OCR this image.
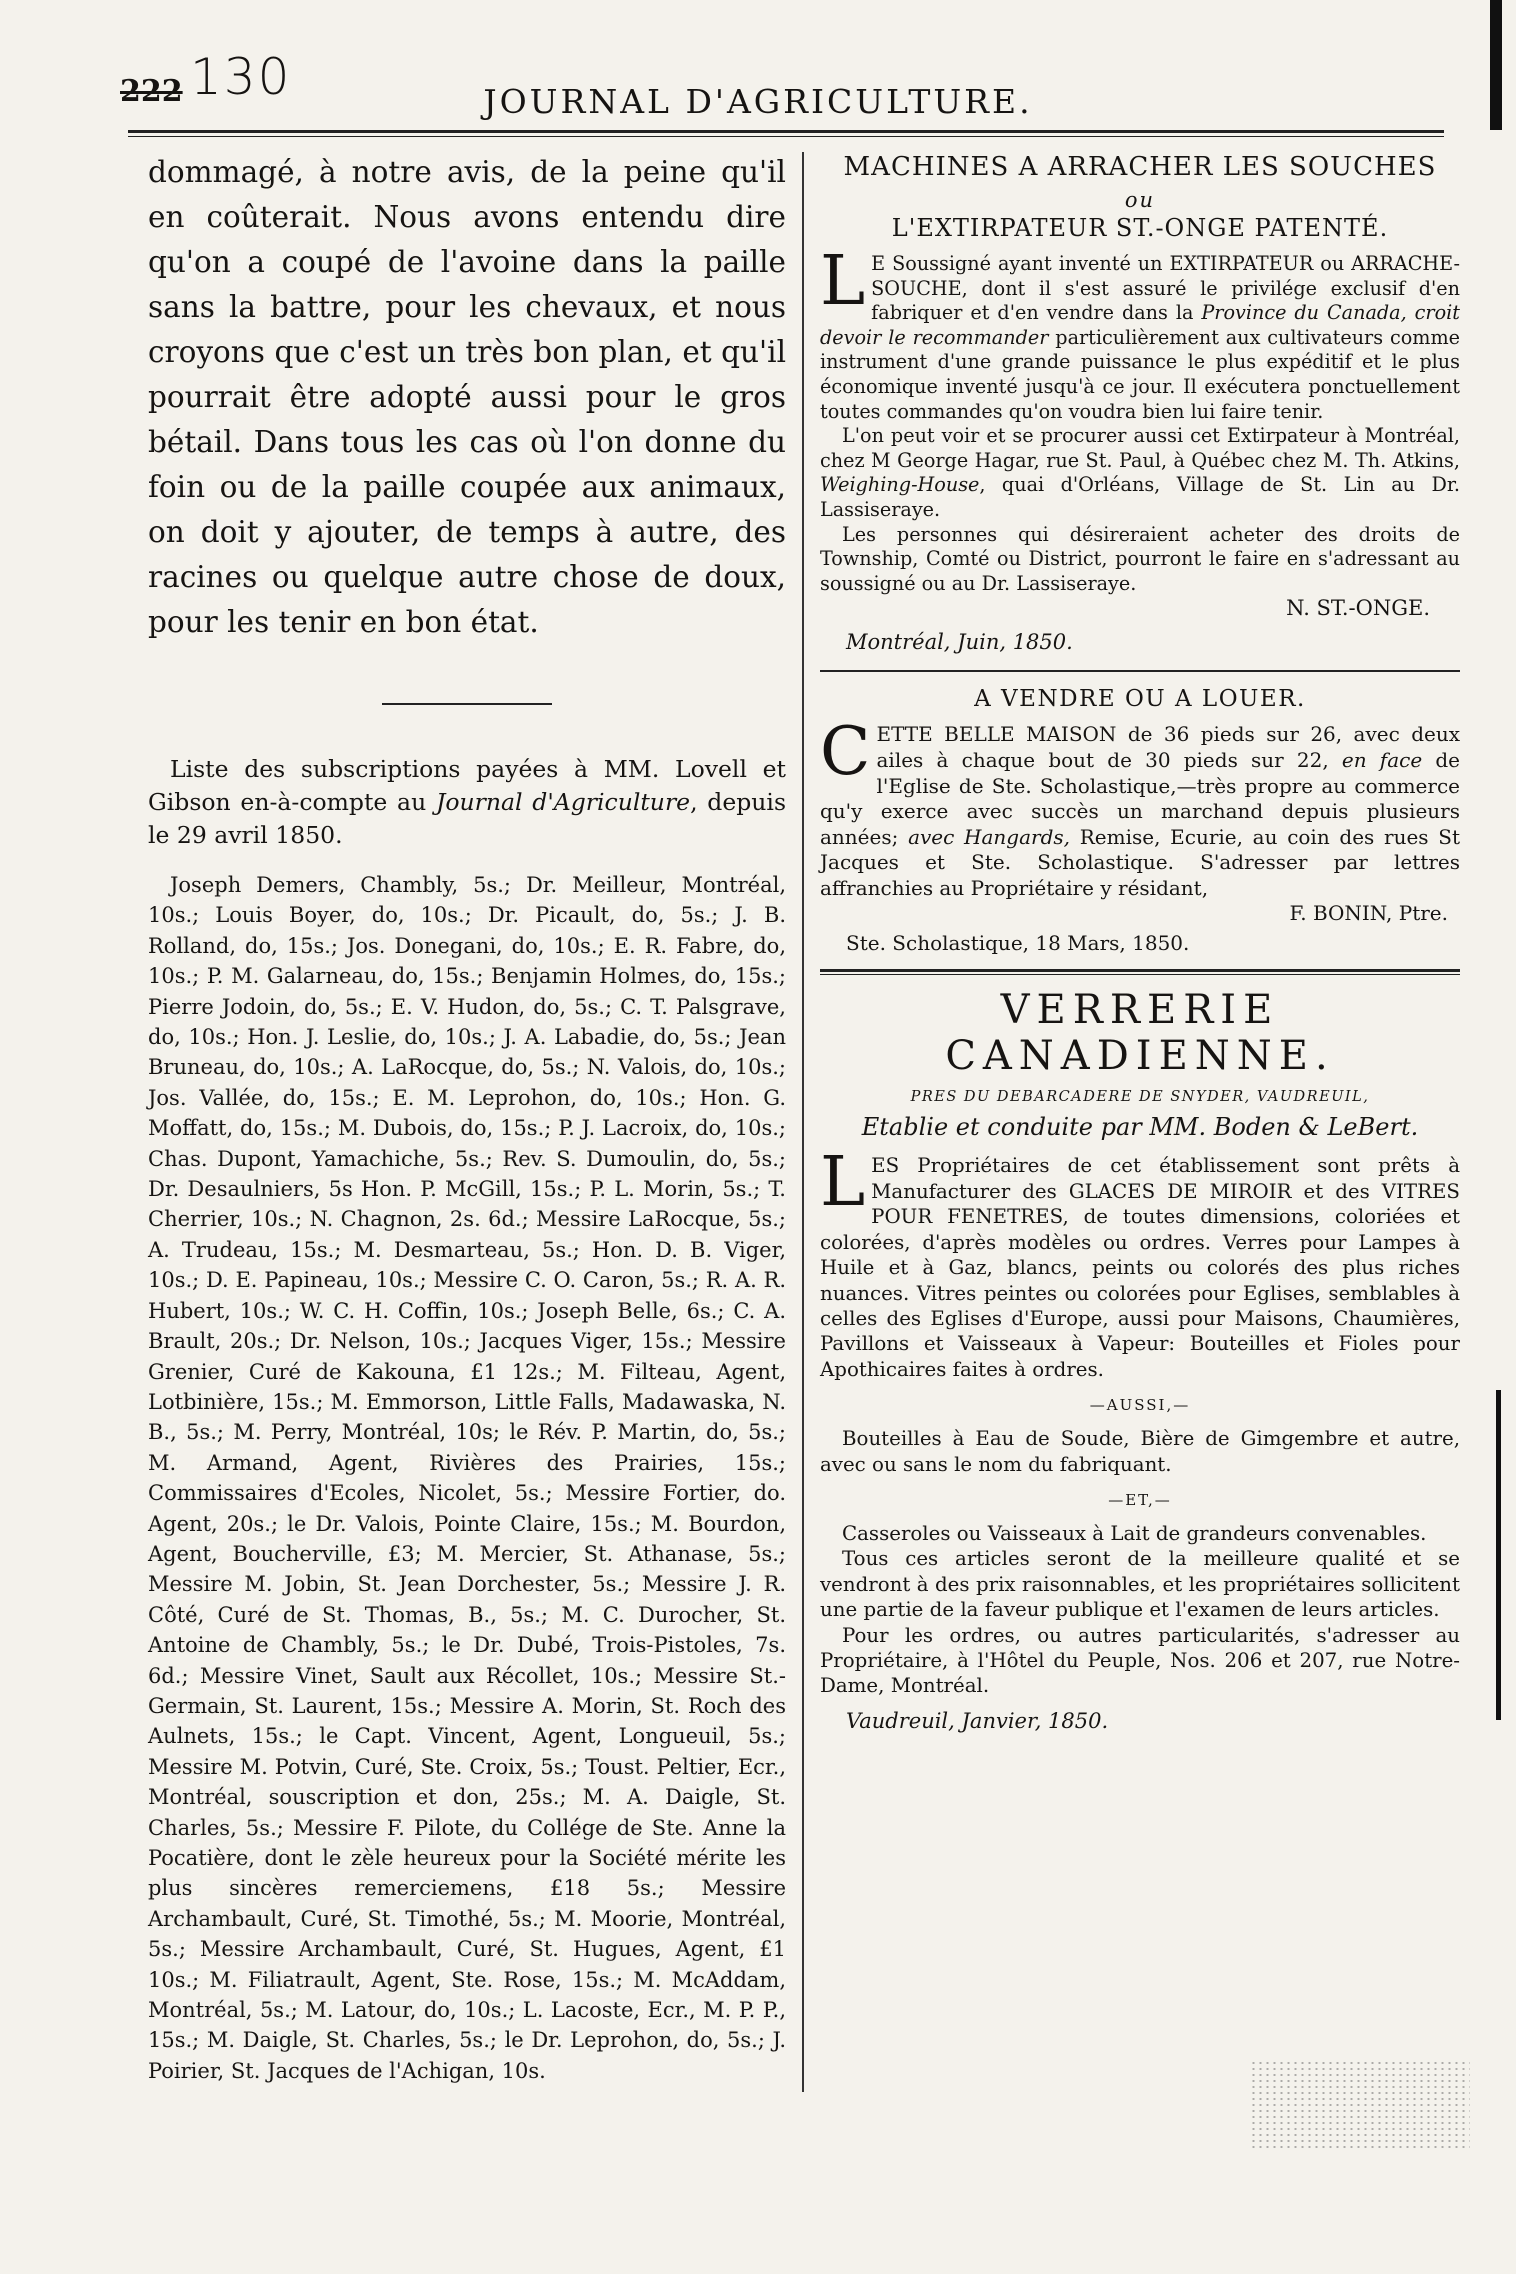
222 130	JOURNAL D'AGRICULTURE.

dommagé, à notre avis, de la peine qu'il en coûterait. Nous avons entendu dire qu'on a coupé de l'avoine dans la paille sans la battre, pour les chevaux, et nous croyons que c'est un très bon plan, et qu'il pourrait être adopté aussi pour le gros bétail. Dans tous les cas où l'on donne du foin ou de la paille coupée aux animaux, on doit y ajouter, de temps à autre, des racines ou quelque autre chose de doux, pour les tenir en bon état.

Liste des subscriptions payées à MM. Lovell et Gibson en-à-compte au Journal d'Agriculture, depuis le 29 avril 1850.

Joseph Demers, Chambly, 5s.; Dr. Meilleur, Montréal, 10s.; Louis Boyer, do, 10s.; Dr. Picault, do, 5s.; J. B. Rolland, do, 15s.; Jos. Donegani, do, 10s.; E. R. Fabre, do, 10s.; P. M. Galarneau, do, 15s.; Benjamin Holmes, do, 15s.; Pierre Jodoin, do, 5s.; E. V. Hudon, do, 5s.; C. T. Palsgrave, do, 10s.; Hon. J. Leslie, do, 10s.; J. A. Labadie, do, 5s.; Jean Bruneau, do, 10s.; A. LaRocque, do, 5s.; N. Valois, do, 10s.; Jos. Vallée, do, 15s.; E. M. Leprohon, do, 10s.; Hon. G. Moffatt, do, 15s.; M. Dubois, do, 15s.; P. J. Lacroix, do, 10s.; Chas. Dupont, Yamachiche, 5s.; Rev. S. Dumoulin, do, 5s.; Dr. Desaulniers, 5s Hon. P. McGill, 15s.; P. L. Morin, 5s.; T. Cherrier, 10s.; N. Chagnon, 2s. 6d.; Messire LaRocque, 5s.; A. Trudeau, 15s.; M. Desmarteau, 5s.; Hon. D. B. Viger, 10s.; D. E. Papineau, 10s.; Messire C. O. Caron, 5s.; R. A. R. Hubert, 10s.; W. C. H. Coffin, 10s.; Joseph Belle, 6s.; C. A. Brault, 20s.; Dr. Nelson, 10s.; Jacques Viger, 15s.; Messire Grenier, Curé de Kakouna, £1 12s.; M. Filteau, Agent, Lotbinière, 15s.; M. Emmorson, Little Falls, Madawaska, N. B., 5s.; M. Perry, Montréal, 10s; le Rév. P. Martin, do, 5s.; M. Armand, Agent, Rivières des Prairies, 15s.; Commissaires d'Ecoles, Nicolet, 5s.; Messire Fortier, do. Agent, 20s.; le Dr. Valois, Pointe Claire, 15s.; M. Bourdon, Agent, Boucherville, £3; M. Mercier, St. Athanase, 5s.; Messire M. Jobin, St. Jean Dorchester, 5s.; Messire J. R. Côté, Curé de St. Thomas, B., 5s.; M. C. Durocher, St. Antoine de Chambly, 5s.; le Dr. Dubé, Trois-Pistoles, 7s. 6d.; Messire Vinet, Sault aux Récollet, 10s.; Messire St.-Germain, St. Laurent, 15s.; Messire A. Morin, St. Roch des Aulnets, 15s.; le Capt. Vincent, Agent, Longueuil, 5s.; Messire M. Potvin, Curé, Ste. Croix, 5s.; Toust. Peltier, Ecr., Montréal, souscription et don, 25s.; M. A. Daigle, St. Charles, 5s.; Messire F. Pilote, du Collége de Ste. Anne la Pocatière, dont le zèle heureux pour la Société mérite les plus sincères remerciemens, £18 5s.; Messire Archambault, Curé, St. Timothé, 5s.; M. Moorie, Montréal, 5s.; Messire Archambault, Curé, St. Hugues, Agent, £1 10s.; M. Filiatrault, Agent, Ste. Rose, 15s.; M. McAddam, Montréal, 5s.; M. Latour, do, 10s.; L. Lacoste, Ecr., M. P. P., 15s.; M. Daigle, St. Charles, 5s.; le Dr. Leprohon, do, 5s.; J. Poirier, St. Jacques de l'Achigan, 10s.

MACHINES A ARRACHER LES SOUCHES

ou

L'EXTIRPATEUR ST.-ONGE PATENTÉ.

L E Soussigné ayant inventé un EXTIRPATEUR ou ARRACHE-SOUCHE, dont il s'est assuré le privilége exclusif d'en fabriquer et d'en vendre dans la Province du Canada, croit devoir le recommander particulièrement aux cultivateurs comme instrument d'une grande puissance le plus expéditif et le plus économique inventé jusqu'à ce jour. Il exécutera ponctuellement toutes commandes qu'on voudra bien lui faire tenir.

L'on peut voir et se procurer aussi cet Extirpateur à Montréal, chez M George Hagar, rue St. Paul, à Québec chez M. Th. Atkins, Weighing-House, quai d'Orléans, Village de St. Lin au Dr. Lassiseraye.

Les personnes qui désireraient acheter des droits de Township, Comté ou District, pourront le faire en s'adressant au soussigné ou au Dr. Lassiseraye.

N. ST.-ONGE.

Montréal, Juin, 1850.

A VENDRE OU A LOUER.

CETTE BELLE MAISON de 36 pieds sur 26, avec deux ailes à chaque bout de 30 pieds sur 22, en face de l'Eglise de Ste. Scholastique,—très propre au commerce qu'y exerce avec succès un marchand depuis plusieurs années; avec Hangards, Remise, Ecurie, au coin des rues St Jacques et Ste. Scholastique. S'adresser par lettres affranchies au Propriétaire y résidant,

F. BONIN, Ptre.

Ste. Scholastique, 18 Mars, 1850.

VERRERIE CANADIENNE.

PRES DU DEBARCADERE DE SNYDER, VAUDREUIL,

Etablie et conduite par MM. Boden & LeBert.

LES Propriétaires de cet établissement sont prêts à Manufacturer des GLACES DE MIROIR et des VITRES POUR FENETRES, de toutes dimensions, coloriées et colorées, d'après modèles ou ordres. Verres pour Lampes à Huile et à Gaz, blancs, peints ou colorés des plus riches nuances. Vitres peintes ou colorées pour Eglises, semblables à celles des Eglises d'Europe, aussi pour Maisons, Chaumières, Pavillons et Vaisseaux à Vapeur: Bouteilles et Fioles pour Apothicaires faites à ordres.

—AUSSI,—

Bouteilles à Eau de Soude, Bière de Gimgembre et autre, avec ou sans le nom du fabriquant.

—ET,—

Casseroles ou Vaisseaux à Lait de grandeurs convenables.

Tous ces articles seront de la meilleure qualité et se vendront à des prix raisonnables, et les propriétaires sollicitent une partie de la faveur publique et l'examen de leurs articles.

Pour les ordres, ou autres particularités, s'adresser au Propriétaire, à l'Hôtel du Peuple, Nos. 206 et 207, rue Notre-Dame, Montréal.

Vaudreuil, Janvier, 1850.
